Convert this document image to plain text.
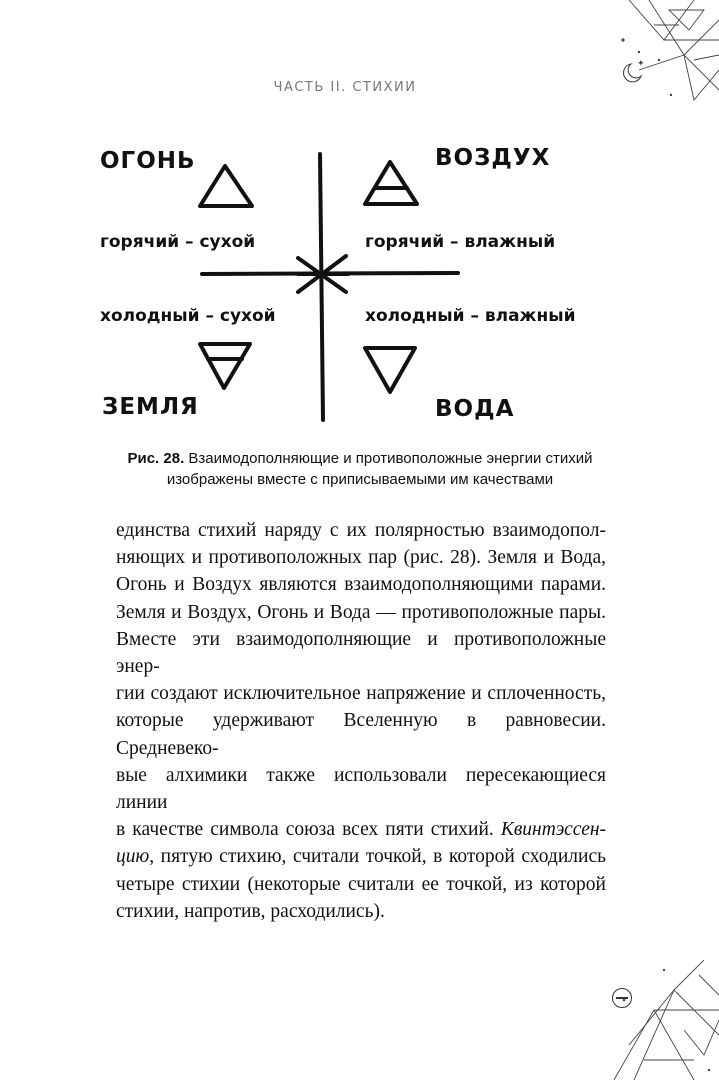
✦
ЧАСТЬ II. СТИХИИ
ОГОНЬ	ВОЗДУХ
ЗЕМЛЯ	ВОДА
горячий – сухой	горячий – влажный
холодный – сухой	холодный – влажный
Рис. 28. Взаимодополняющие и противоположные энергии стихий
изображены вместе с приписываемыми им качествами
единства стихий наряду с их полярностью взаимодопол-
няющих и противоположных пар (рис. 28). Земля и Вода,
Огонь и Воздух являются взаимодополняющими парами.
Земля и Воздух, Огонь и Вода — противоположные пары.
Вместе эти взаимодополняющие и противоположные энер-
гии создают исключительное напряжение и сплоченность,
которые удерживают Вселенную в равновесии. Средневеко-
вые алхимики также использовали пересекающиеся линии
в качестве символа союза всех пяти стихий. Квинтэссен-
цию, пятую стихию, считали точкой, в которой сходились
четыре стихии (некоторые считали ее точкой, из которой
стихии, напротив, расходились).
